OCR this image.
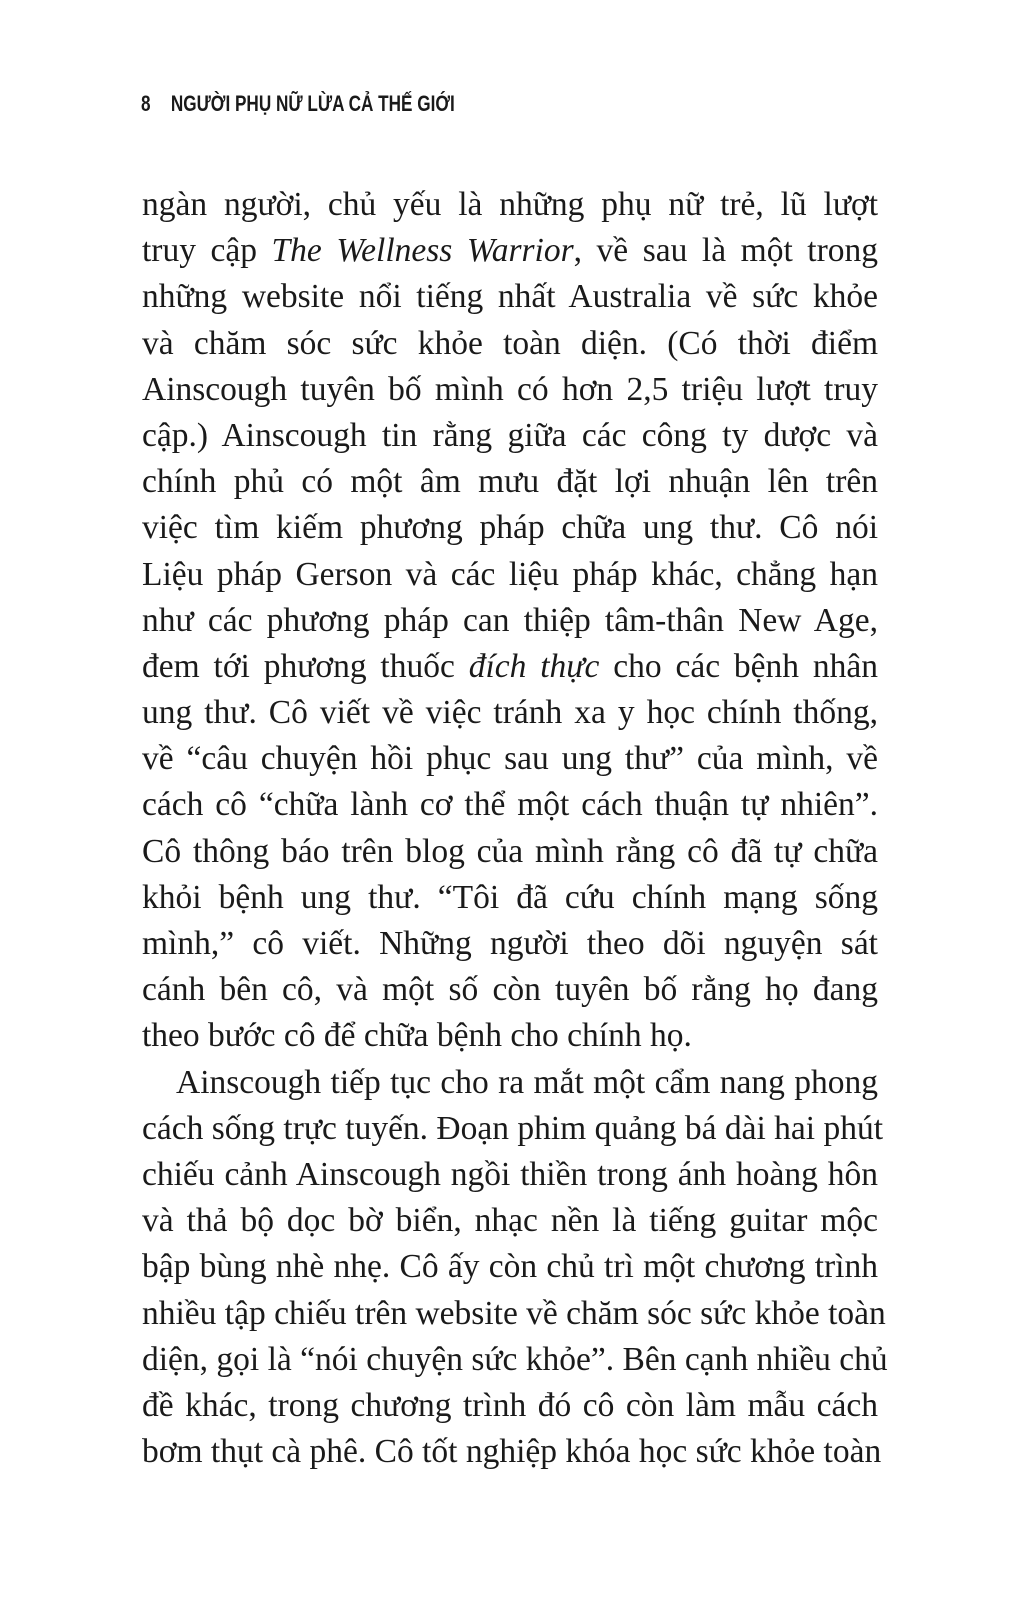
8 NGƯỜI PHỤ NỮ LỪA CẢ THẾ GIỚI
ngàn người, chủ yếu là những phụ nữ trẻ, lũ lượt
truy cập The Wellness Warrior, về sau là một trong
những website nổi tiếng nhất Australia về sức khỏe
và chăm sóc sức khỏe toàn diện. (Có thời điểm
Ainscough tuyên bố mình có hơn 2,5 triệu lượt truy
cập.) Ainscough tin rằng giữa các công ty dược và
chính phủ có một âm mưu đặt lợi nhuận lên trên
việc tìm kiếm phương pháp chữa ung thư. Cô nói
Liệu pháp Gerson và các liệu pháp khác, chẳng hạn
như các phương pháp can thiệp tâm-thân New Age,
đem tới phương thuốc đích thực cho các bệnh nhân
ung thư. Cô viết về việc tránh xa y học chính thống,
về “câu chuyện hồi phục sau ung thư” của mình, về
cách cô “chữa lành cơ thể một cách thuận tự nhiên”.
Cô thông báo trên blog của mình rằng cô đã tự chữa
khỏi bệnh ung thư. “Tôi đã cứu chính mạng sống
mình,” cô viết. Những người theo dõi nguyện sát
cánh bên cô, và một số còn tuyên bố rằng họ đang
theo bước cô để chữa bệnh cho chính họ.
Ainscough tiếp tục cho ra mắt một cẩm nang phong
cách sống trực tuyến. Đoạn phim quảng bá dài hai phút
chiếu cảnh Ainscough ngồi thiền trong ánh hoàng hôn
và thả bộ dọc bờ biển, nhạc nền là tiếng guitar mộc
bập bùng nhè nhẹ. Cô ấy còn chủ trì một chương trình
nhiều tập chiếu trên website về chăm sóc sức khỏe toàn
diện, gọi là “nói chuyện sức khỏe”. Bên cạnh nhiều chủ
đề khác, trong chương trình đó cô còn làm mẫu cách
bơm thụt cà phê. Cô tốt nghiệp khóa học sức khỏe toàn
